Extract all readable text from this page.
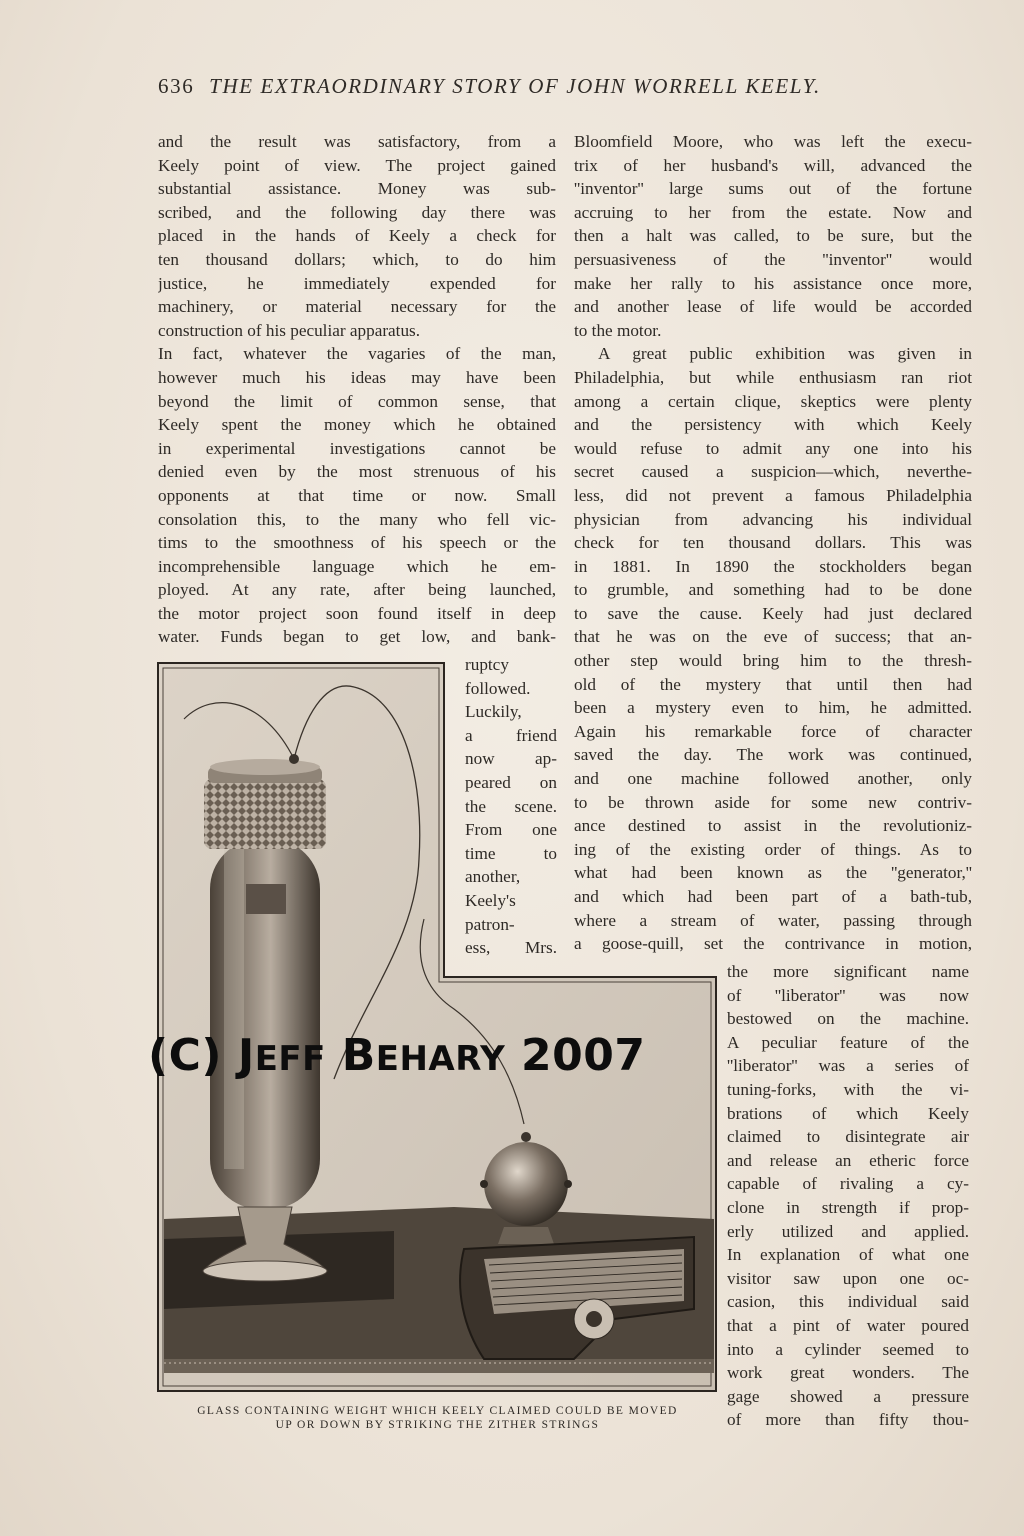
636 THE EXTRAORDINARY STORY OF JOHN WORRELL KEELY.
and the result was satisfactory, from a
Keely point of view. The project gained
substantial assistance. Money was sub-
scribed, and the following day there was
placed in the hands of Keely a check for
ten thousand dollars; which, to do him
justice, he immediately expended for
machinery, or material necessary for the
construction of his peculiar apparatus.
In fact, whatever the vagaries of the man,
however much his ideas may have been
beyond the limit of common sense, that
Keely spent the money which he obtained
in experimental investigations cannot be
denied even by the most strenuous of his
opponents at that time or now. Small
consolation this, to the many who fell vic-
tims to the smoothness of his speech or the
incomprehensible language which he em-
ployed. At any rate, after being launched,
the motor project soon found itself in deep
water. Funds began to get low, and bank-
ruptcy
followed.
Luckily,
a friend
now ap-
peared on
the scene.
From one
time to
another,
Keely's
patron-
ess, Mrs.
Bloomfield Moore, who was left the execu-
trix of her husband's will, advanced the
''inventor'' large sums out of the fortune
accruing to her from the estate. Now and
then a halt was called, to be sure, but the
persuasiveness of the ''inventor'' would
make her rally to his assistance once more,
and another lease of life would be accorded
to the motor.
A great public exhibition was given in
Philadelphia, but while enthusiasm ran riot
among a certain clique, skeptics were plenty
and the persistency with which Keely
would refuse to admit any one into his
secret caused a suspicion—which, neverthe-
less, did not prevent a famous Philadelphia
physician from advancing his individual
check for ten thousand dollars. This was
in 1881. In 1890 the stockholders began
to grumble, and something had to be done
to save the cause. Keely had just declared
that he was on the eve of success; that an-
other step would bring him to the thresh-
old of the mystery that until then had
been a mystery even to him, he admitted.
Again his remarkable force of character
saved the day. The work was continued,
and one machine followed another, only
to be thrown aside for some new contriv-
ance destined to assist in the revolutioniz-
ing of the existing order of things. As to
what had been known as the ''generator,''
and which had been part of a bath-tub,
where a stream of water, passing through
a goose-quill, set the contrivance in motion,
the more significant name
of ''liberator'' was now
bestowed on the machine.
A peculiar feature of the
''liberator'' was a series of
tuning-forks, with the vi-
brations of which Keely
claimed to disintegrate air
and release an etheric force
capable of rivaling a cy-
clone in strength if prop-
erly utilized and applied.
In explanation of what one
visitor saw upon one oc-
casion, this individual said
that a pint of water poured
into a cylinder seemed to
work great wonders. The
gage showed a pressure
of more than fifty thou-
(C) JEFF BEHARY 2007
GLASS CONTAINING WEIGHT WHICH KEELY CLAIMED COULD BE MOVED
UP OR DOWN BY STRIKING THE ZITHER STRINGS
